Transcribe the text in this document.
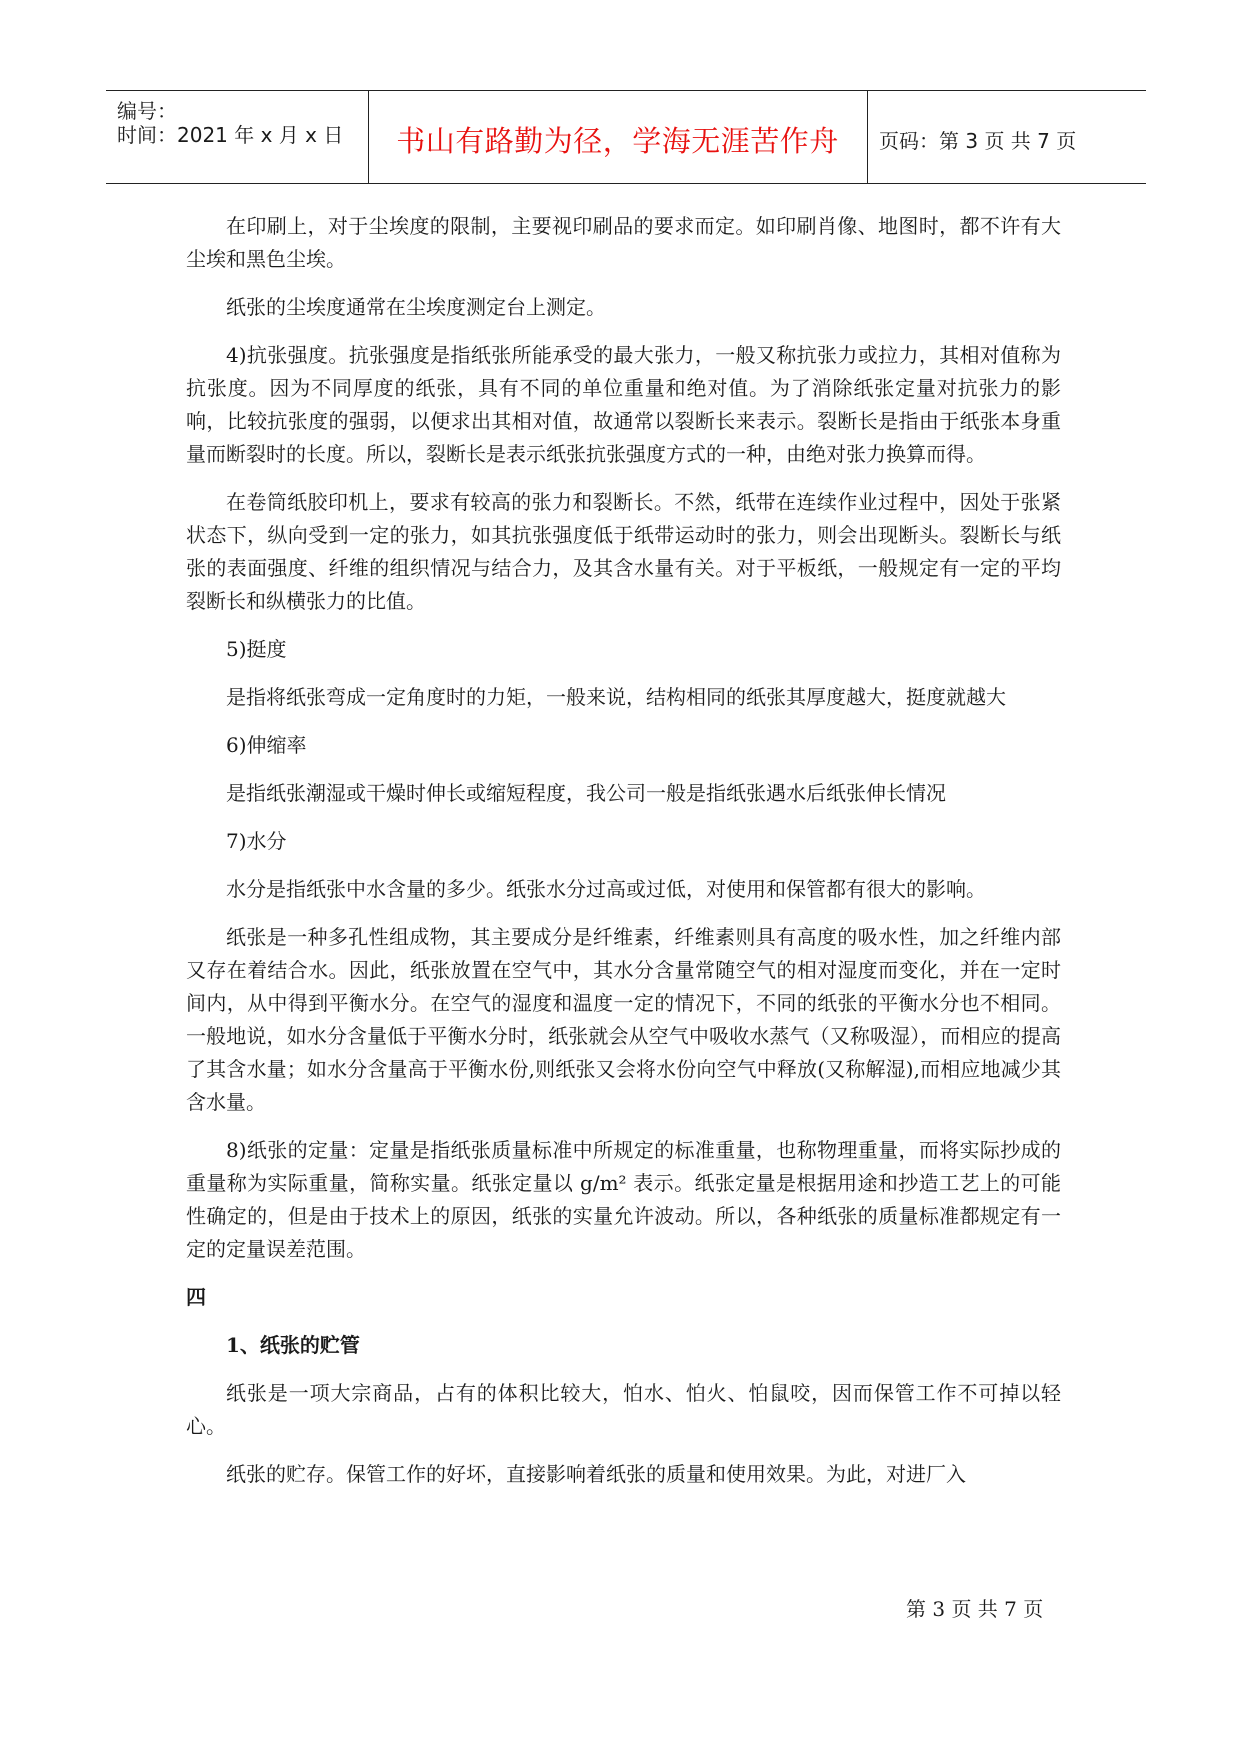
编号：
时间：2021 年 x 月 x 日	书山有路勤为径，学海无涯苦作舟	页码：第 3 页 共 7 页

在印刷上，对于尘埃度的限制，主要视印刷品的要求而定。如印刷肖像、地图时，都不许有大尘埃和黑色尘埃。

纸张的尘埃度通常在尘埃度测定台上测定。

4)抗张强度。抗张强度是指纸张所能承受的最大张力，一般又称抗张力或拉力，其相对值称为抗张度。因为不同厚度的纸张，具有不同的单位重量和绝对值。为了消除纸张定量对抗张力的影响，比较抗张度的强弱，以便求出其相对值，故通常以裂断长来表示。裂断长是指由于纸张本身重量而断裂时的长度。所以，裂断长是表示纸张抗张强度方式的一种，由绝对张力换算而得。

在卷筒纸胶印机上，要求有较高的张力和裂断长。不然，纸带在连续作业过程中，因处于张紧状态下，纵向受到一定的张力，如其抗张强度低于纸带运动时的张力，则会出现断头。裂断长与纸张的表面强度、纤维的组织情况与结合力，及其含水量有关。对于平板纸，一般规定有一定的平均裂断长和纵横张力的比值。

5)挺度

是指将纸张弯成一定角度时的力矩，一般来说，结构相同的纸张其厚度越大，挺度就越大

6)伸缩率

是指纸张潮湿或干燥时伸长或缩短程度，我公司一般是指纸张遇水后纸张伸长情况

7)水分

水分是指纸张中水含量的多少。纸张水分过高或过低，对使用和保管都有很大的影响。

纸张是一种多孔性组成物，其主要成分是纤维素，纤维素则具有高度的吸水性，加之纤维内部又存在着结合水。因此，纸张放置在空气中，其水分含量常随空气的相对湿度而变化，并在一定时间内，从中得到平衡水分。在空气的湿度和温度一定的情况下，不同的纸张的平衡水分也不相同。一般地说，如水分含量低于平衡水分时，纸张就会从空气中吸收水蒸气（又称吸湿），而相应的提高了其含水量；如水分含量高于平衡水份,则纸张又会将水份向空气中释放(又称解湿),而相应地减少其含水量。

8)纸张的定量：定量是指纸张质量标准中所规定的标准重量，也称物理重量，而将实际抄成的重量称为实际重量，简称实量。纸张定量以 g/m² 表示。纸张定量是根据用途和抄造工艺上的可能性确定的，但是由于技术上的原因，纸张的实量允许波动。所以，各种纸张的质量标准都规定有一定的定量误差范围。

四

1、纸张的贮管

纸张是一项大宗商品，占有的体积比较大，怕水、怕火、怕鼠咬，因而保管工作不可掉以轻心。

纸张的贮存。保管工作的好坏，直接影响着纸张的质量和使用效果。为此，对进厂入

第 3 页 共 7 页
